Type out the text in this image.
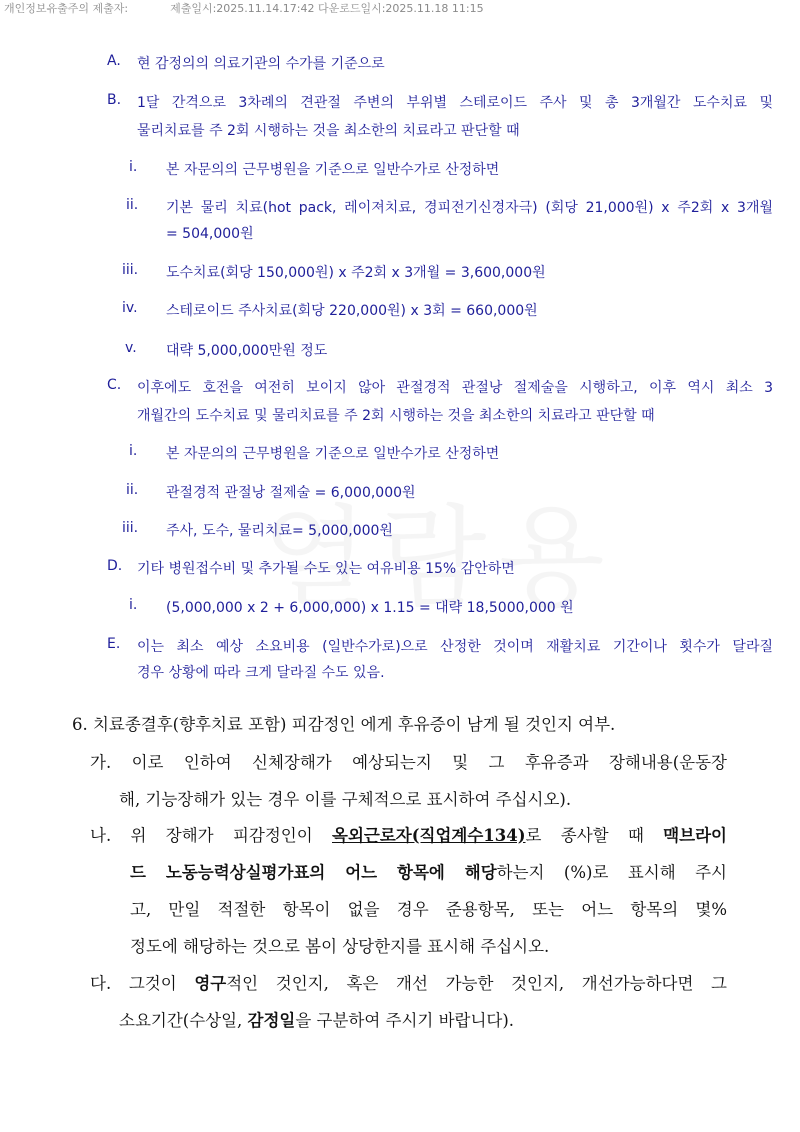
개인정보유출주의 제출자:	제출일시:2025.11.14.17:42 다운로드일시:2025.11.18 11:15
A. 현 감정의의 의료기관의 수가를 기준으로
B. 1달 간격으로 3차례의 견관절 주변의 부위별 스테로이드 주사 및 총 3개월간 도수치료 및
물리치료를 주 2회 시행하는 것을 최소한의 치료라고 판단할 때
i. 본 자문의의 근무병원을 기준으로 일반수가로 산정하면
ii. 기본 물리 치료(hot pack, 레이져치료, 경피전기신경자극) (회당 21,000원) x 주2회 x 3개월
= 504,000원
iii. 도수치료(회당 150,000원) x 주2회 x 3개월 = 3,600,000원
iv. 스테로이드 주사치료(회당 220,000원) x 3회 = 660,000원
v. 대략 5,000,000만원 정도
C. 이후에도 호전을 여전히 보이지 않아 관절경적 관절낭 절제술을 시행하고, 이후 역시 최소 3
개월간의 도수치료 및 물리치료를 주 2회 시행하는 것을 최소한의 치료라고 판단할 때
i. 본 자문의의 근무병원을 기준으로 일반수가로 산정하면
ii. 관절경적 관절낭 절제술 = 6,000,000원
iii. 주사, 도수, 물리치료= 5,000,000원
D. 기타 병원접수비 및 추가될 수도 있는 여유비용 15% 감안하면
i. (5,000,000 x 2 + 6,000,000) x 1.15 = 대략 18,5000,000 원
E. 이는 최소 예상 소요비용 (일반수가로)으로 산정한 것이며 재활치료 기간이나 횟수가 달라질
경우 상황에 따라 크게 달라질 수도 있음.
6. 치료종결후(향후치료 포함) 피감정인 에게 후유증이 남게 될 것인지 여부.
가. 이로 인하여 신체장해가 예상되는지 및 그 후유증과 장해내용(운동장
해, 기능장해가 있는 경우 이를 구체적으로 표시하여 주십시오).
나. 위 장해가 피감정인이 옥외근로자(직업계수134)로 종사할 때 맥브라이
드 노동능력상실평가표의 어느 항목에 해당하는지 (%)로 표시해 주시
고, 만일 적절한 항목이 없을 경우 준용항목, 또는 어느 항목의 몇%
정도에 해당하는 것으로 봄이 상당한지를 표시해 주십시오.
다. 그것이 영구적인 것인지, 혹은 개선 가능한 것인지, 개선가능하다면 그
소요기간(수상일, 감정일을 구분하여 주시기 바랍니다).
